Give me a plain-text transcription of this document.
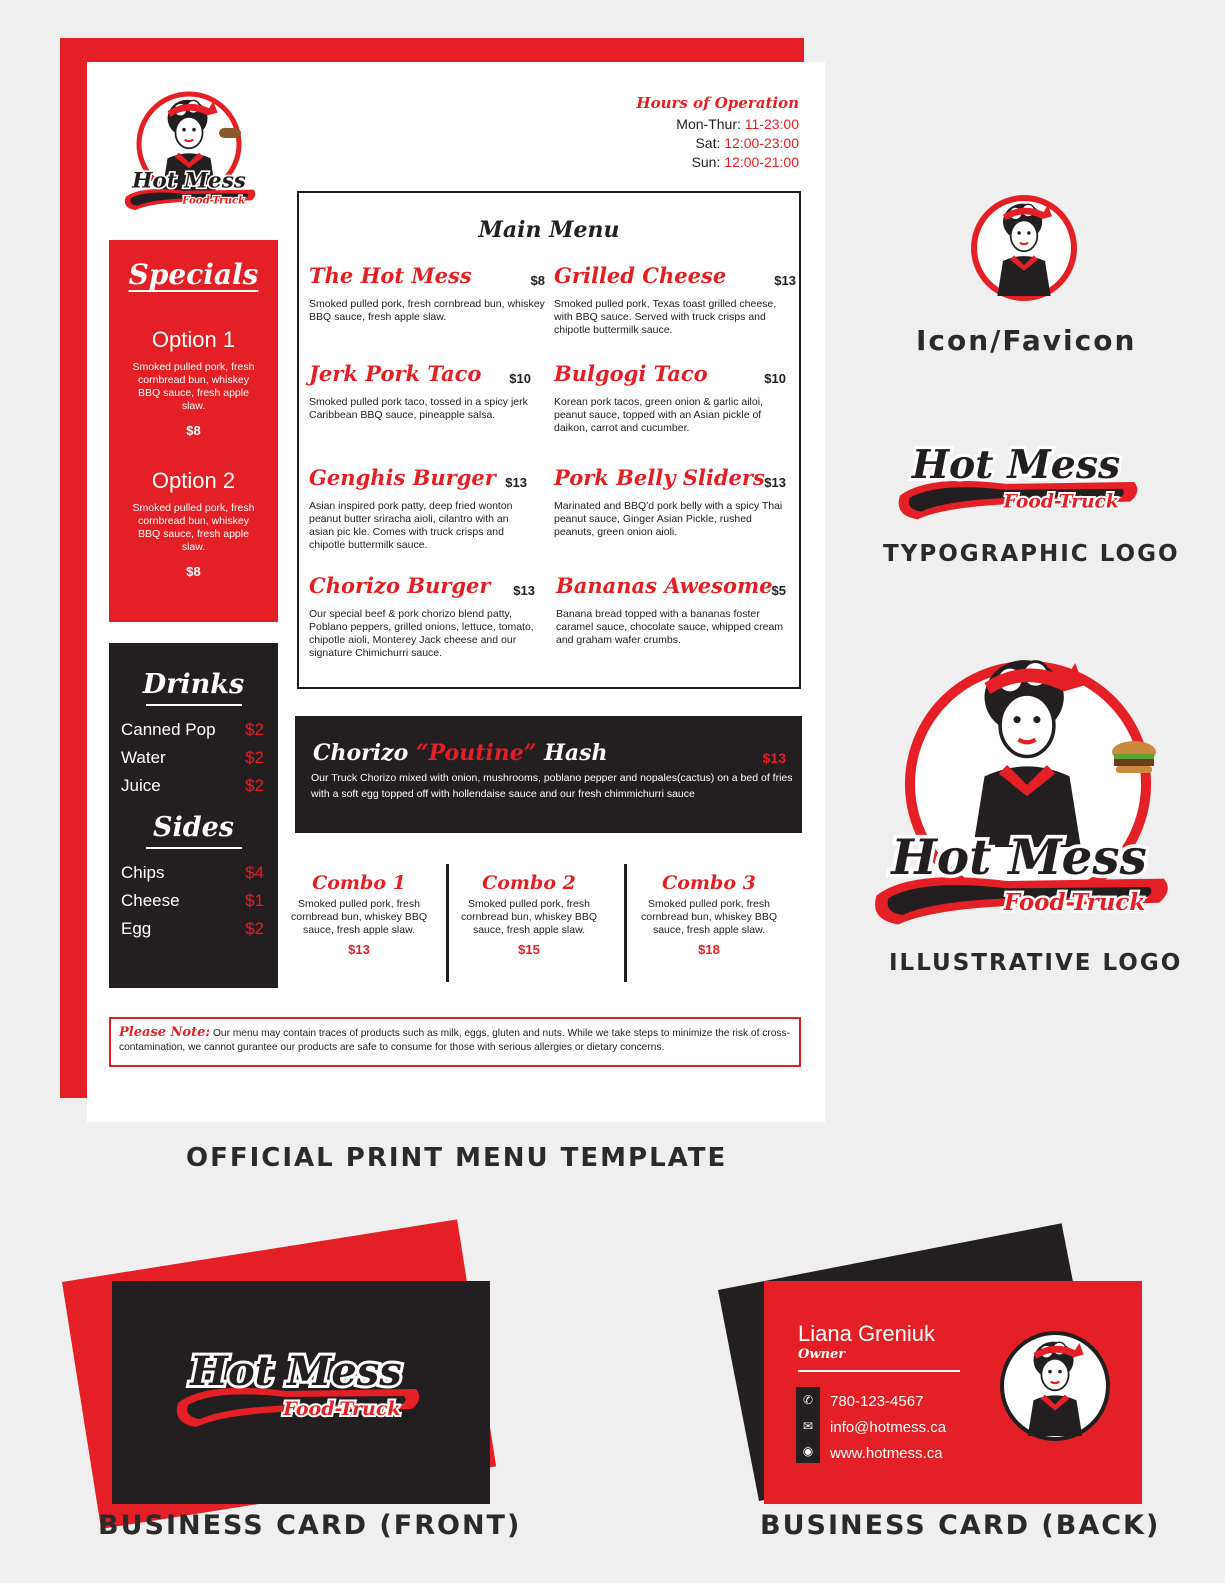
Hours of Operation
Mon-Thur: 11-23:00
Sat: 12:00-23:00
Sun: 12:00-21:00
Specials
Option 1
Smoked pulled pork, fresh cornbread bun, whiskey BBQ sauce, fresh apple slaw.
$8
Option 2
Smoked pulled pork, fresh cornbread bun, whiskey BBQ sauce, fresh apple slaw.
$8
Drinks
Canned Pop $2
Water	$2
Juice	$2
Sides
Chips	$4
Cheese	$1
Egg	$2
Main Menu
The Hot Mess	$8
Smoked pulled pork, fresh cornbread bun, whiskey BBQ sauce, fresh apple slaw.
Grilled Cheese	$13
Smoked pulled pork, Texas toast grilled cheese, with BBQ sauce. Served with truck crisps and chipotle buttermilk sauce.
Jerk Pork Taco	$10
Smoked pulled pork taco, tossed in a spicy jerk Caribbean BBQ sauce, pineapple salsa.
Bulgogi Taco	$10
Korean pork tacos, green onion & garlic ailoi, peanut sauce, topped with an Asian pickle of daikon, carrot and cucumber.
Genghis Burger $13
Asian inspired pork patty, deep fried wonton peanut butter sriracha aioli, cilantro with an asian pic kle. Comes with truck crisps and chipotle buttermilk sauce.
Pork Belly Sliders $13
Marinated and BBQ'd pork belly with a spicy Thai peanut sauce, Ginger Asian Pickle, rushed peanuts, green onion aioli.
Chorizo Burger	$13
Our special beef & pork chorizo blend patty, Poblano peppers, grilled onions, lettuce, tomato, chipotle aioli, Monterey Jack cheese and our signature Chimichurri sauce.
Bananas Awesome
$5
Banana bread topped with a bananas foster caramel sauce, chocolate sauce, whipped cream and graham wafer crumbs.
Chorizo “Poutine” Hash	$13
Our Truck Chorizo mixed with onion, mushrooms, poblano pepper and nopales(cactus) on a bed of fries with a soft egg topped off with hollendaise sauce and our fresh chimmichurri sauce
Combo 1
Smoked pulled pork, fresh cornbread bun, whiskey BBQ sauce, fresh apple slaw.
$13
Combo 2
Smoked pulled pork, fresh cornbread bun, whiskey BBQ sauce, fresh apple slaw.
$15
Combo 3
Smoked pulled pork, fresh cornbread bun, whiskey BBQ sauce, fresh apple slaw.
$18
Please Note: Our menu may contain traces of products such as milk, eggs, gluten and nuts. While we take steps to minimize the risk of cross-contamination, we cannot gurantee our products are safe to consume for those with serious allergies or dietary concerns.
OFFICIAL PRINT MENU TEMPLATE
Icon/Favicon
TYPOGRAPHIC LOGO
ILLUSTRATIVE LOGO
BUSINESS CARD (FRONT)
Liana Greniuk
Owner
✆
✉
◉
780-123-4567
info@hotmess.ca
www.hotmess.ca
BUSINESS CARD (BACK)
